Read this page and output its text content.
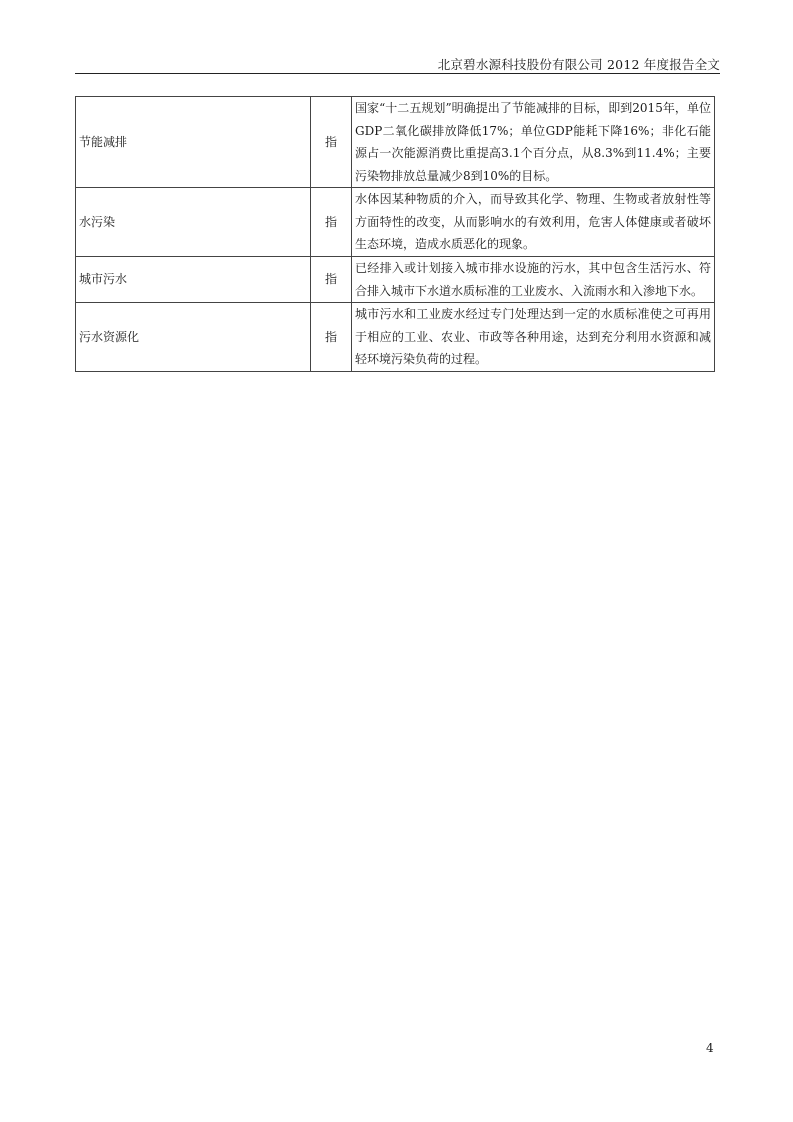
北京碧水源科技股份有限公司 2012 年度报告全文
节能减排	指	国家“十二五规划”明确提出了节能减排的目标，即到2015年，单位GDP二氧化碳排放降低17%；单位GDP能耗下降16%；非化石能源占一次能源消费比重提高3.1个百分点，从8.3%到11.4%；主要污染物排放总量减少8到10%的目标。
水污染	指	水体因某种物质的介入，而导致其化学、物理、生物或者放射性等方面特性的改变，从而影响水的有效利用，危害人体健康或者破坏生态环境，造成水质恶化的现象。
城市污水	指	已经排入或计划接入城市排水设施的污水，其中包含生活污水、符合排入城市下水道水质标准的工业废水、入流雨水和入渗地下水。
污水资源化	指	城市污水和工业废水经过专门处理达到一定的水质标准使之可再用于相应的工业、农业、市政等各种用途，达到充分利用水资源和减轻环境污染负荷的过程。
4
